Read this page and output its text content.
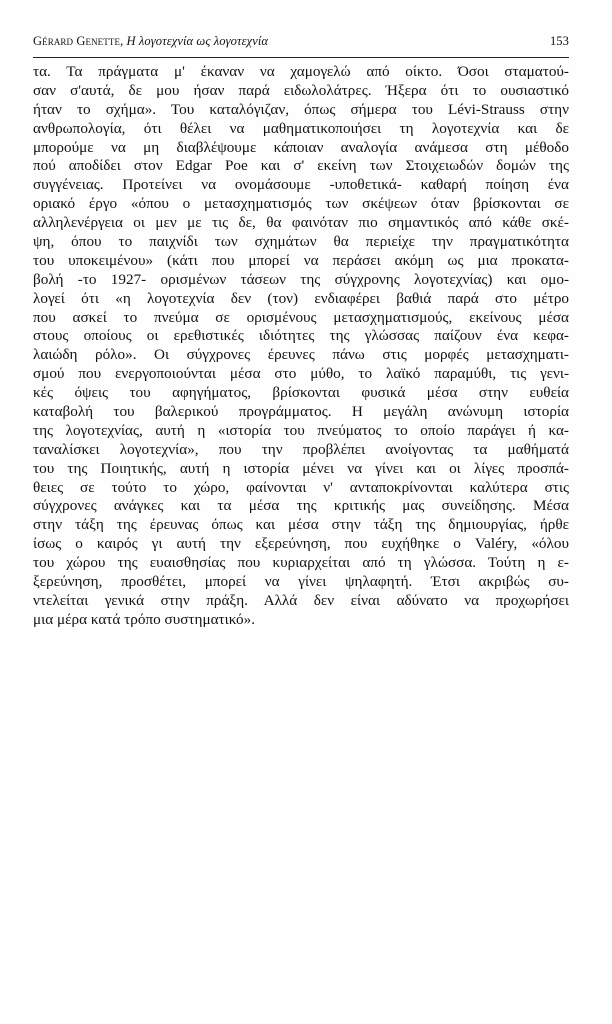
Gérard Genette, Η λογοτεχνία ως λογοτεχνία	153
τα. Τα πράγματα μ' έκαναν να χαμογελώ από οίκτο. Όσοι σταματού-
σαν σ'αυτά, δε μου ήσαν παρά ειδωλολάτρες. Ήξερα ότι το ουσιαστικό
ήταν το σχήμα». Του καταλόγιζαν, όπως σήμερα του Lévi-Strauss στην
ανθρωπολογία, ότι θέλει να μαθηματικοποιήσει τη λογοτεχνία και δε
μπορούμε να μη διαβλέψουμε κάποιαν αναλογία ανάμεσα στη μέθοδο
πού αποδίδει στον Edgar Poe και σ' εκείνη των Στοιχειωδών δομών της
συγγένειας. Προτείνει να ονομάσουμε -υποθετικά- καθαρή ποίηση ένα
οριακό έργο «όπου ο μετασχηματισμός των σκέψεων όταν βρίσκονται σε
αλληλενέργεια οι μεν με τις δε, θα φαινόταν πιο σημαντικός από κάθε σκέ-
ψη, όπου το παιχνίδι των σχημάτων θα περιείχε την πραγματικότητα
του υποκειμένου» (κάτι που μπορεί να περάσει ακόμη ως μια προκατα-
βολή -το 1927- ορισμένων τάσεων της σύγχρονης λογοτεχνίας) και ομο-
λογεί ότι «η λογοτεχνία δεν (τον) ενδιαφέρει βαθιά παρά στο μέτρο
που ασκεί το πνεύμα σε ορισμένους μετασχηματισμούς, εκείνους μέσα
στους οποίους οι ερεθιστικές ιδιότητες της γλώσσας παίζουν ένα κεφα-
λαιώδη ρόλο». Οι σύγχρονες έρευνες πάνω στις μορφές μετασχηματι-
σμού που ενεργοποιούνται μέσα στο μύθο, το λαϊκό παραμύθι, τις γενι-
κές όψεις του αφηγήματος, βρίσκονται φυσικά μέσα στην ευθεία
καταβολή του βαλερικού προγράμματος. Η μεγάλη ανώνυμη ιστορία
της λογοτεχνίας, αυτή η «ιστορία του πνεύματος το οποίο παράγει ή κα-
ταναλίσκει λογοτεχνία», που την προβλέπει ανοίγοντας τα μαθήματά
του της Ποιητικής, αυτή η ιστορία μένει να γίνει και οι λίγες προσπά-
θειες σε τούτο το χώρο, φαίνονται ν' ανταποκρίνονται καλύτερα στις
σύγχρονες ανάγκες και τα μέσα της κριτικής μας συνείδησης. Μέσα
στην τάξη της έρευνας όπως και μέσα στην τάξη της δημιουργίας, ήρθε
ίσως ο καιρός γι αυτή την εξερεύνηση, που ευχήθηκε ο Valéry, «όλου
του χώρου της ευαισθησίας που κυριαρχείται από τη γλώσσα. Τούτη η ε-
ξερεύνηση, προσθέτει, μπορεί να γίνει ψηλαφητή. Έτσι ακριβώς συ-
ντελείται γενικά στην πράξη. Αλλά δεν είναι αδύνατο να προχωρήσει
μια μέρα κατά τρόπο συστηματικό».
